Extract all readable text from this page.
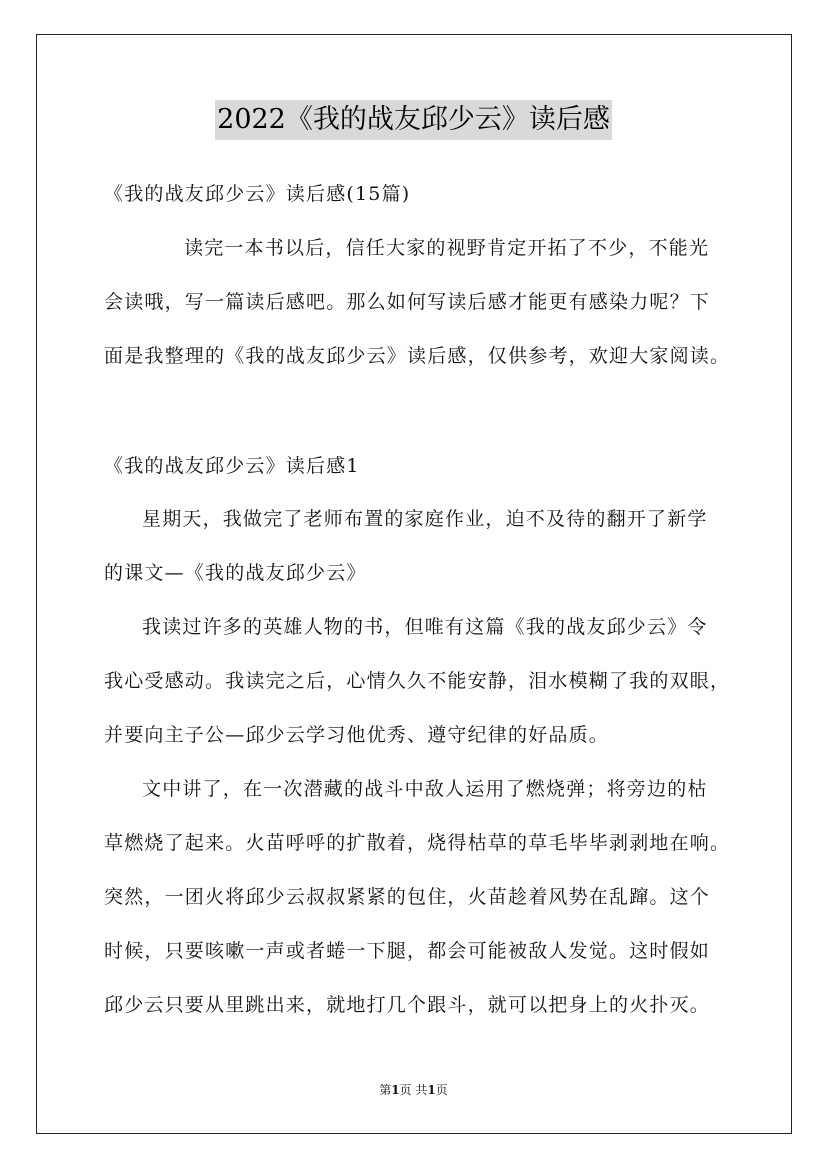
2022《我的战友邱少云》读后感
《我的战友邱少云》读后感(15篇)
读完一本书以后，信任大家的视野肯定开拓了不少，不能光
会读哦，写一篇读后感吧。那么如何写读后感才能更有感染力呢？下
面是我整理的《我的战友邱少云》读后感，仅供参考，欢迎大家阅读。
《我的战友邱少云》读后感1
星期天，我做完了老师布置的家庭作业，迫不及待的翻开了新学
的课文—《我的战友邱少云》
我读过许多的英雄人物的书，但唯有这篇《我的战友邱少云》令
我心受感动。我读完之后，心情久久不能安静，泪水模糊了我的双眼，
并要向主子公—邱少云学习他优秀、遵守纪律的好品质。
文中讲了，在一次潜藏的战斗中敌人运用了燃烧弹；将旁边的枯
草燃烧了起来。火苗呼呼的扩散着，烧得枯草的草毛毕毕剥剥地在响。
突然，一团火将邱少云叔叔紧紧的包住，火苗趁着风势在乱蹿。这个
时候，只要咳嗽一声或者蜷一下腿，都会可能被敌人发觉。这时假如
邱少云只要从里跳出来，就地打几个跟斗，就可以把身上的火扑灭。
第1页 共1页
